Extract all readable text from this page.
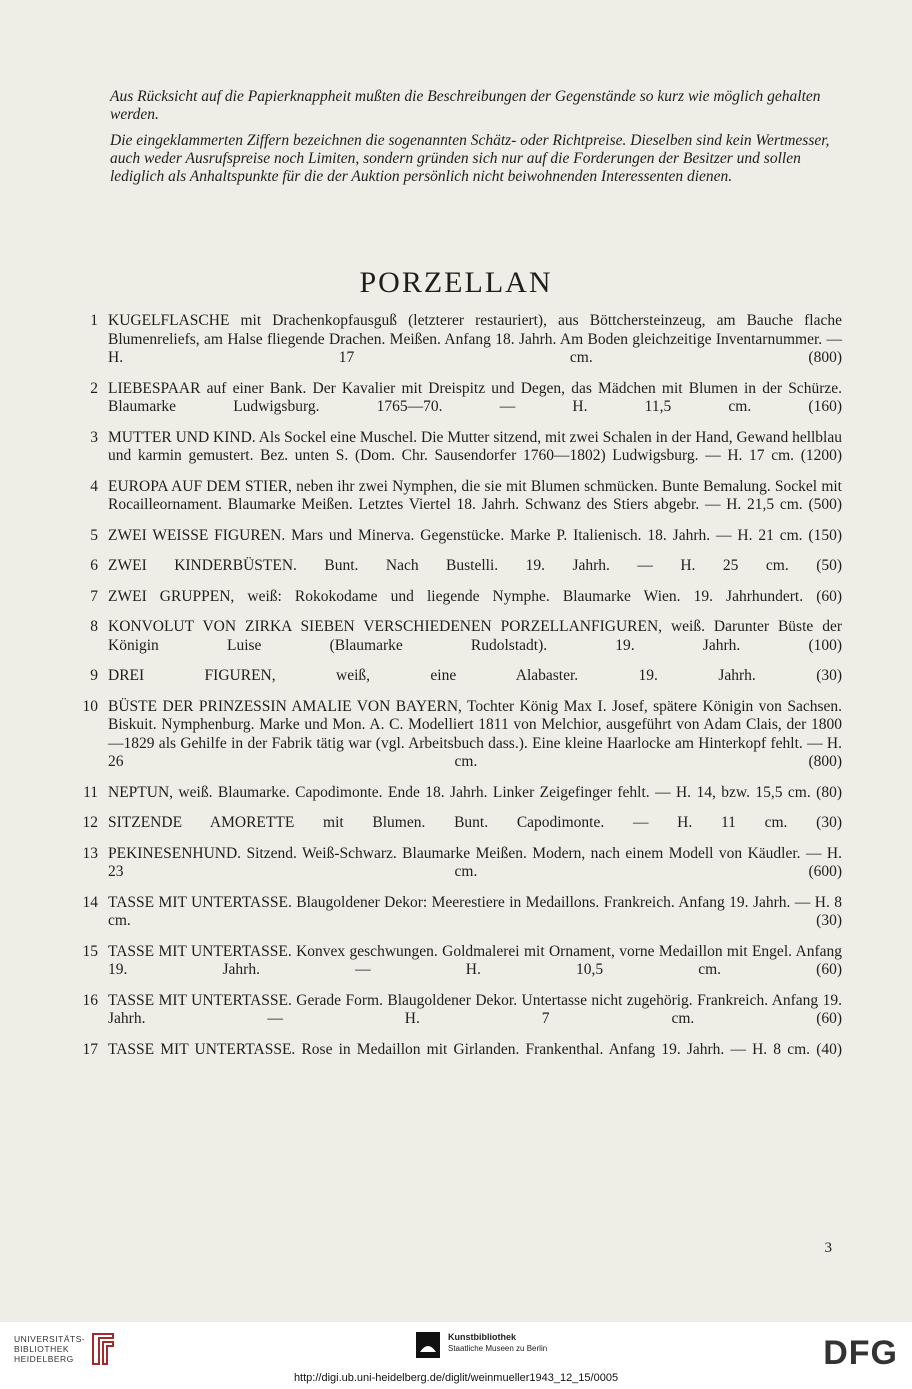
Aus Rücksicht auf die Papierknappheit mußten die Beschreibungen der Gegenstände so kurz wie möglich gehalten werden.

Die eingeklammerten Ziffern bezeichnen die sogenannten Schätz- oder Richtpreise. Dieselben sind kein Wertmesser, auch weder Ausrufspreise noch Limiten, sondern gründen sich nur auf die Forderungen der Besitzer und sollen lediglich als Anhaltspunkte für die der Auktion persönlich nicht beiwohnenden Interessenten dienen.

PORZELLAN
1 KUGELFLASCHE mit Drachenkopfausguß (letzterer restauriert), aus Böttchersteinzeug, am Bauche flache Blumenreliefs, am Halse fliegende Drachen. Meißen. Anfang 18. Jahrh. Am Boden gleichzeitige Inventarnummer. — H. 17 cm.	(800)
2 LIEBESPAAR auf einer Bank. Der Kavalier mit Dreispitz und Degen, das Mädchen mit Blumen in der Schürze. Blaumarke Ludwigsburg. 1765—70. — H. 11,5 cm.	(160)
3 MUTTER UND KIND. Als Sockel eine Muschel. Die Mutter sitzend, mit zwei Schalen in der Hand, Gewand hellblau und karmin gemustert. Bez. unten S. (Dom. Chr. Sausendorfer 1760—1802) Ludwigsburg. — H. 17 cm. (1200)
4 EUROPA AUF DEM STIER, neben ihr zwei Nymphen, die sie mit Blumen schmücken. Bunte Bemalung. Sockel mit Rocailleornament. Blaumarke Meißen. Letztes Viertel 18. Jahrh. Schwanz des Stiers abgebr. — H. 21,5 cm. (500)
5 ZWEI WEISSE FIGUREN. Mars und Minerva. Gegenstücke. Marke P. Italienisch. 18. Jahrh. — H. 21 cm. (150)
6 ZWEI KINDERBÜSTEN. Bunt. Nach Bustelli. 19. Jahrh. — H. 25 cm. (50)
7 ZWEI GRUPPEN, weiß: Rokokodame und liegende Nymphe. Blaumarke Wien. 19. Jahrhundert. (60)
8 KONVOLUT VON ZIRKA SIEBEN VERSCHIEDENEN PORZELLANFIGUREN, weiß. Darunter Büste der Königin Luise (Blaumarke Rudolstadt). 19. Jahrh.	(100)
9 DREI FIGUREN, weiß, eine Alabaster. 19. Jahrh.	(30)
10 BÜSTE DER PRINZESSIN AMALIE VON BAYERN, Tochter König Max I. Josef, spätere Königin von Sachsen. Biskuit. Nymphenburg. Marke und Mon. A. C. Modelliert 1811 von Melchior, ausgeführt von Adam Clais, der 1800—1829 als Gehilfe in der Fabrik tätig war (vgl. Arbeitsbuch dass.). Eine kleine Haarlocke am Hinterkopf fehlt. — H. 26 cm.	(800)
11 NEPTUN, weiß. Blaumarke. Capodimonte. Ende 18. Jahrh. Linker Zeigefinger fehlt. — H. 14, bzw. 15,5 cm. (80)
12 SITZENDE AMORETTE mit Blumen. Bunt. Capodimonte. — H. 11 cm. (30)
13 PEKINESENHUND. Sitzend. Weiß-Schwarz. Blaumarke Meißen. Modern, nach einem Modell von Käudler. — H. 23 cm.	(600)
14 TASSE MIT UNTERTASSE. Blaugoldener Dekor: Meerestiere in Medaillons. Frankreich. Anfang 19. Jahrh. — H. 8 cm.	(30)
15 TASSE MIT UNTERTASSE. Konvex geschwungen. Goldmalerei mit Ornament, vorne Medaillon mit Engel. Anfang 19. Jahrh. — H. 10,5 cm.	(60)
16 TASSE MIT UNTERTASSE. Gerade Form. Blaugoldener Dekor. Untertasse nicht zugehörig. Frankreich. Anfang 19. Jahrh. — H. 7 cm.	(60)
17 TASSE MIT UNTERTASSE. Rose in Medaillon mit Girlanden. Frankenthal. Anfang 19. Jahrh. — H. 8 cm. (40)
3
UNIVERSITÄTS-
BIBLIOTHEK
HEIDELBERG
Kunstbibliothek
Staatliche Museen zu Berlin	DFG
http://digi.ub.uni-heidelberg.de/diglit/weinmueller1943_12_15/0005
